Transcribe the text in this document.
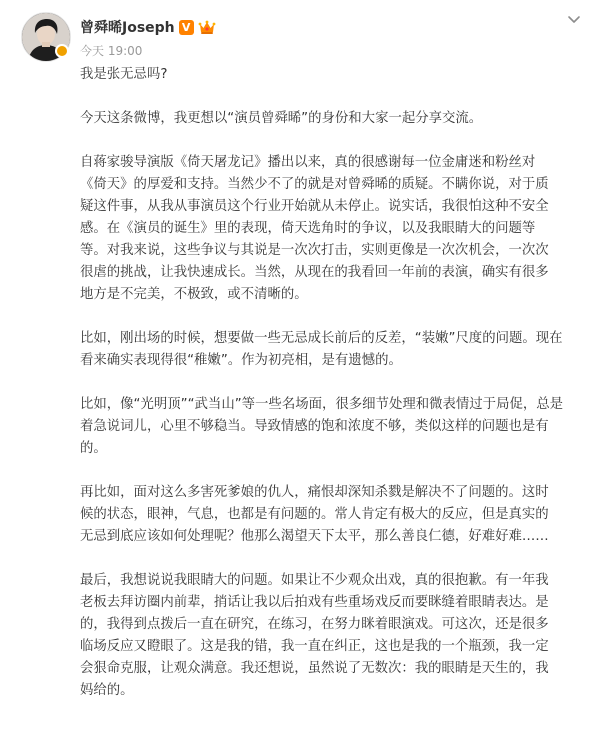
曾舜晞Joseph V
今天 19:00

我是张无忌吗?

今天这条微博，我更想以“演员曾舜晞”的身份和大家一起分享交流。

自蒋家骏导演版《倚天屠龙记》播出以来，真的很感谢每一位金庸迷和粉丝对
《倚天》的厚爱和支持。当然少不了的就是对曾舜晞的质疑。不瞒你说，对于质
疑这件事，从我从事演员这个行业开始就从未停止。说实话，我很怕这种不安全
感。在《演员的诞生》里的表现，倚天选角时的争议，以及我眼睛大的问题等
等。对我来说，这些争议与其说是一次次打击，实则更像是一次次机会，一次次
很虐的挑战，让我快速成长。当然，从现在的我看回一年前的表演，确实有很多
地方是不完美，不极致，或不清晰的。

比如，刚出场的时候，想要做一些无忌成长前后的反差，“装嫩”尺度的问题。现在
看来确实表现得很“稚嫩”。作为初亮相，是有遗憾的。

比如，像“光明顶”“武当山”等一些名场面，很多细节处理和微表情过于局促，总是
着急说词儿，心里不够稳当。导致情感的饱和浓度不够，类似这样的问题也是有
的。

再比如，面对这么多害死爹娘的仇人，痛恨却深知杀戮是解决不了问题的。这时
候的状态，眼神，气息，也都是有问题的。常人肯定有极大的反应，但是真实的
无忌到底应该如何处理呢？他那么渴望天下太平，那么善良仁德，好难好难……

最后，我想说说我眼睛大的问题。如果让不少观众出戏，真的很抱歉。有一年我
老板去拜访圈内前辈，捎话让我以后拍戏有些重场戏反而要眯缝着眼睛表达。是
的，我得到点拨后一直在研究，在练习，在努力眯着眼演戏。可这次，还是很多
临场反应又瞪眼了。这是我的错，我一直在纠正，这也是我的一个瓶颈，我一定
会狠命克服，让观众满意。我还想说，虽然说了无数次：我的眼睛是天生的，我
妈给的。
